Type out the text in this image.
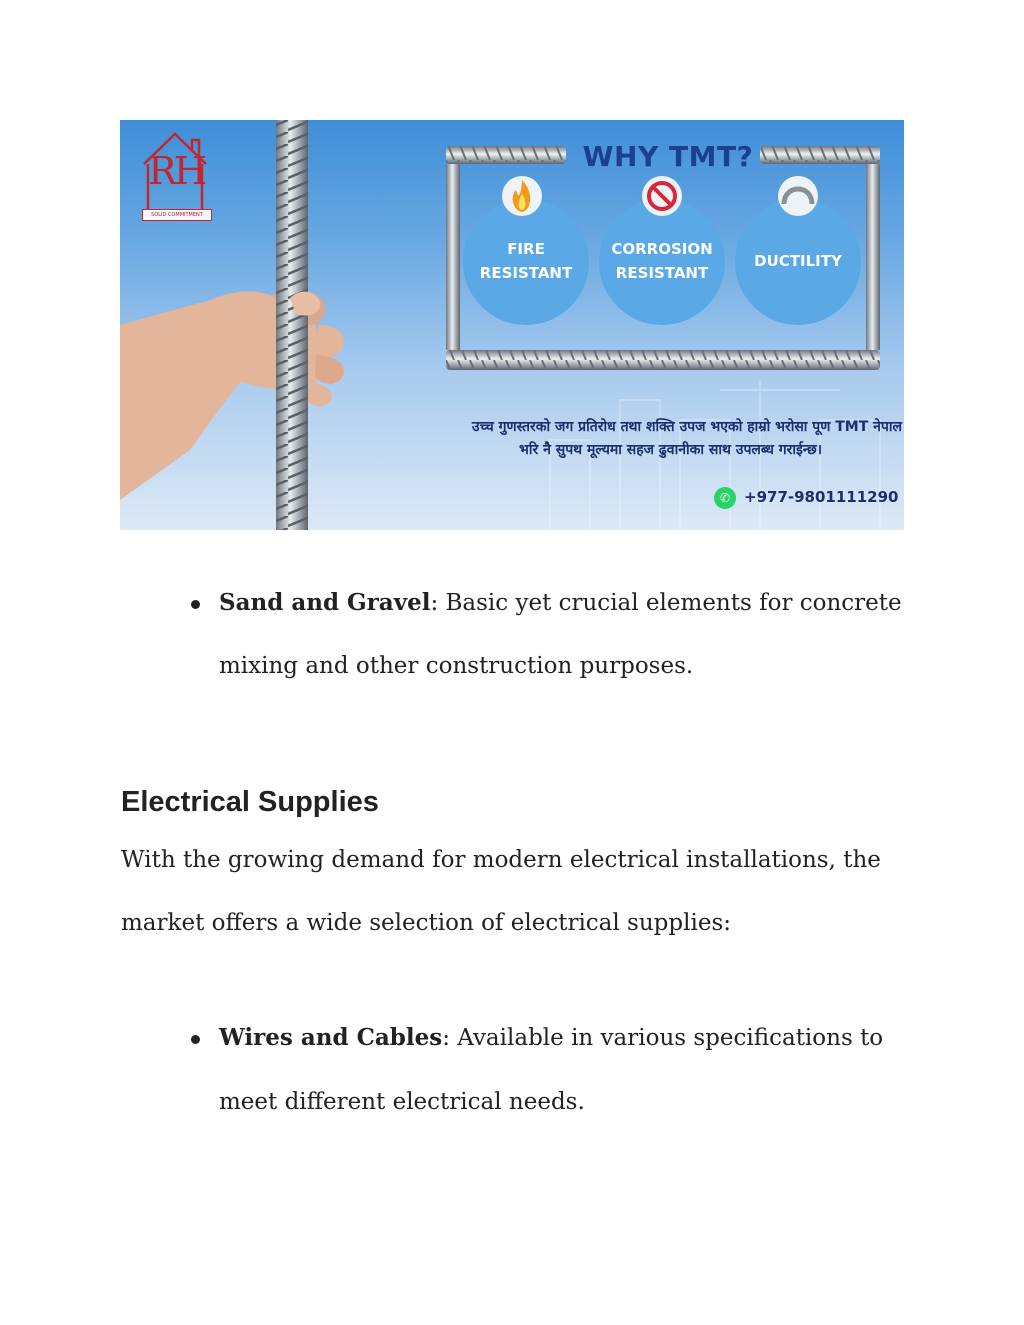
RH
SOLID COMMITMENT
WHY TMT?
FIRE
RESISTANT
CORROSION
RESISTANT
DUCTILITY
उच्च गुणस्तरको जग प्रतिरोध तथा शक्ति उपज भएको हाम्रो भरोसा पूण TMT नेपाल
भरि नै सुपथ मूल्यमा सहज ढुवानीका साथ उपलब्ध गराईन्छ।
✆ +977-9801111290
Sand and Gravel: Basic yet crucial elements for concrete
mixing and other construction purposes.
Electrical Supplies
With the growing demand for modern electrical installations, the
market offers a wide selection of electrical supplies:
Wires and Cables: Available in various specifications to
meet different electrical needs.
